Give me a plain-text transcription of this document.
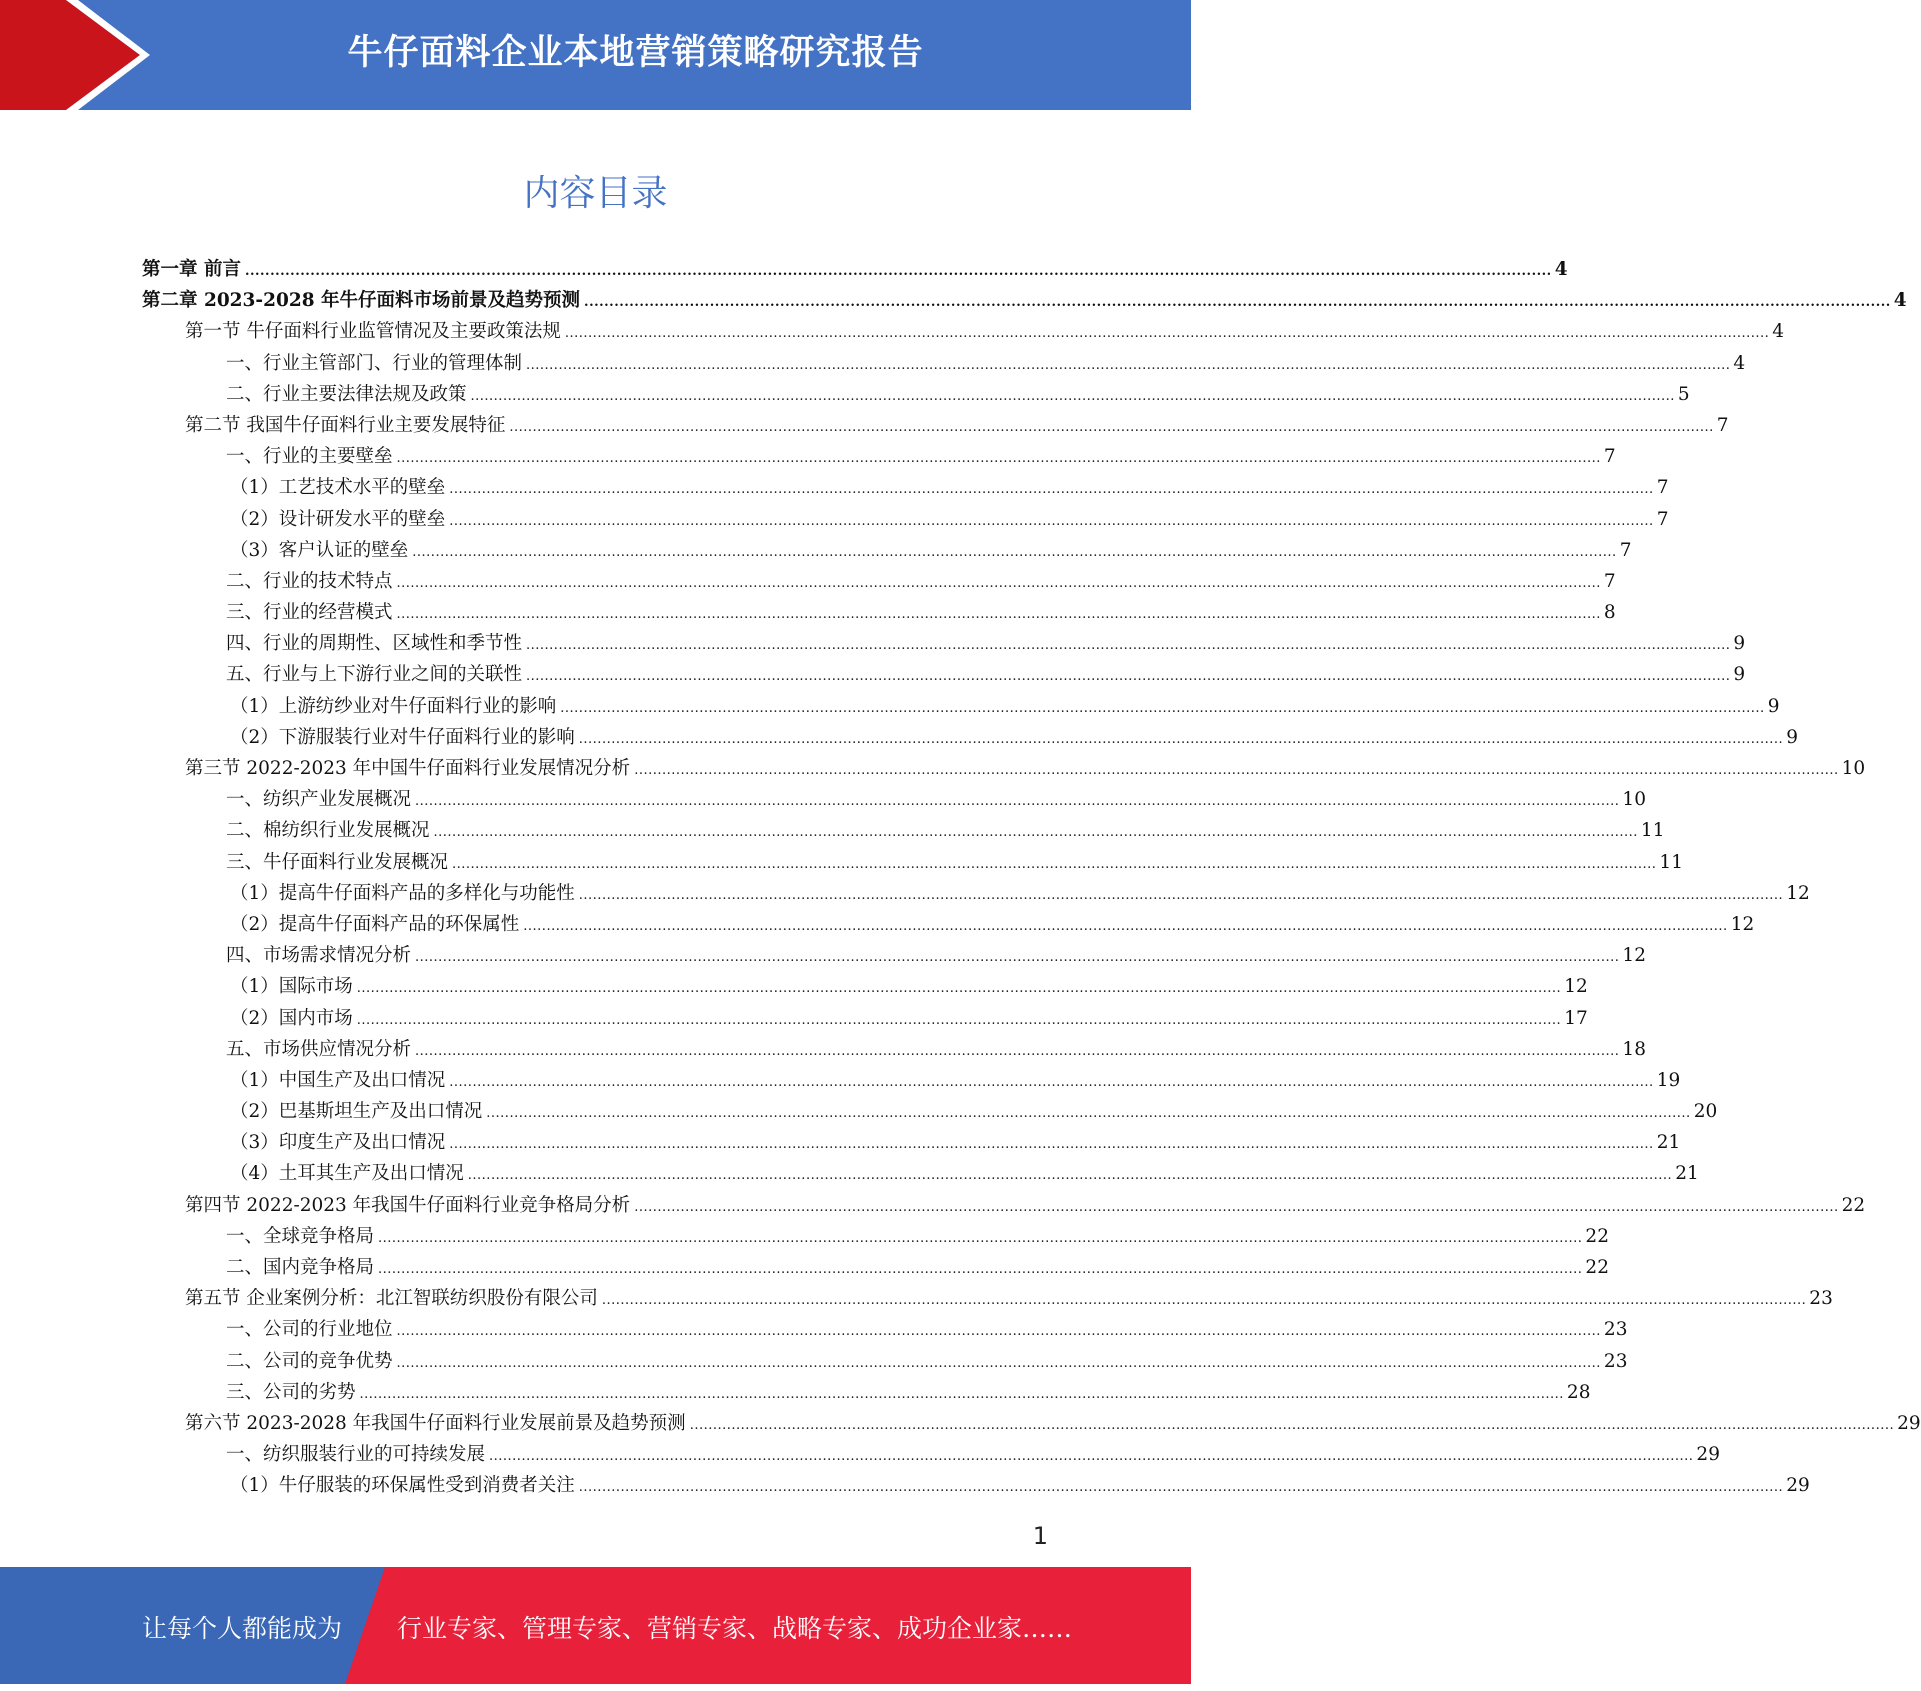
牛仔面料企业本地营销策略研究报告
内容目录
第一章 前言 .................................................................................................................................................................................................................................................................... 4
第二章 2023-2028 年牛仔面料市场前景及趋势预测 .................................................................................................................................................................................................................................................................... 4
第一节 牛仔面料行业监管情况及主要政策法规 .................................................................................................................................................................................................................................................................... 4
一、行业主管部门、行业的管理体制 .................................................................................................................................................................................................................................................................... 4
二、行业主要法律法规及政策 .................................................................................................................................................................................................................................................................... 5
第二节 我国牛仔面料行业主要发展特征 .................................................................................................................................................................................................................................................................... 7
一、行业的主要壁垒 .................................................................................................................................................................................................................................................................... 7
（1）工艺技术水平的壁垒 .................................................................................................................................................................................................................................................................... 7
（2）设计研发水平的壁垒 .................................................................................................................................................................................................................................................................... 7
（3）客户认证的壁垒 .................................................................................................................................................................................................................................................................... 7
二、行业的技术特点 .................................................................................................................................................................................................................................................................... 7
三、行业的经营模式 .................................................................................................................................................................................................................................................................... 8
四、行业的周期性、区域性和季节性 .................................................................................................................................................................................................................................................................... 9
五、行业与上下游行业之间的关联性 .................................................................................................................................................................................................................................................................... 9
（1）上游纺纱业对牛仔面料行业的影响 .................................................................................................................................................................................................................................................................... 9
（2）下游服装行业对牛仔面料行业的影响 .................................................................................................................................................................................................................................................................... 9
第三节 2022-2023 年中国牛仔面料行业发展情况分析 .................................................................................................................................................................................................................................................................... 10
一、纺织产业发展概况 .................................................................................................................................................................................................................................................................... 10
二、棉纺织行业发展概况 .................................................................................................................................................................................................................................................................... 11
三、牛仔面料行业发展概况 .................................................................................................................................................................................................................................................................... 11
（1）提高牛仔面料产品的多样化与功能性 .................................................................................................................................................................................................................................................................... 12
（2）提高牛仔面料产品的环保属性 .................................................................................................................................................................................................................................................................... 12
四、市场需求情况分析 .................................................................................................................................................................................................................................................................... 12
（1）国际市场 .................................................................................................................................................................................................................................................................... 12
（2）国内市场 .................................................................................................................................................................................................................................................................... 17
五、市场供应情况分析 .................................................................................................................................................................................................................................................................... 18
（1）中国生产及出口情况 .................................................................................................................................................................................................................................................................... 19
（2）巴基斯坦生产及出口情况 .................................................................................................................................................................................................................................................................... 20
（3）印度生产及出口情况 .................................................................................................................................................................................................................................................................... 21
（4）土耳其生产及出口情况 .................................................................................................................................................................................................................................................................... 21
第四节 2022-2023 年我国牛仔面料行业竞争格局分析 .................................................................................................................................................................................................................................................................... 22
一、全球竞争格局 .................................................................................................................................................................................................................................................................... 22
二、国内竞争格局 .................................................................................................................................................................................................................................................................... 22
第五节 企业案例分析：北江智联纺织股份有限公司 .................................................................................................................................................................................................................................................................... 23
一、公司的行业地位 .................................................................................................................................................................................................................................................................... 23
二、公司的竞争优势 .................................................................................................................................................................................................................................................................... 23
三、公司的劣势 .................................................................................................................................................................................................................................................................... 28
第六节 2023-2028 年我国牛仔面料行业发展前景及趋势预测 .................................................................................................................................................................................................................................................................... 29
一、纺织服装行业的可持续发展 .................................................................................................................................................................................................................................................................... 29
（1）牛仔服装的环保属性受到消费者关注 .................................................................................................................................................................................................................................................................... 29
1
让每个人都能成为 行业专家、管理专家、营销专家、战略专家、成功企业家……
